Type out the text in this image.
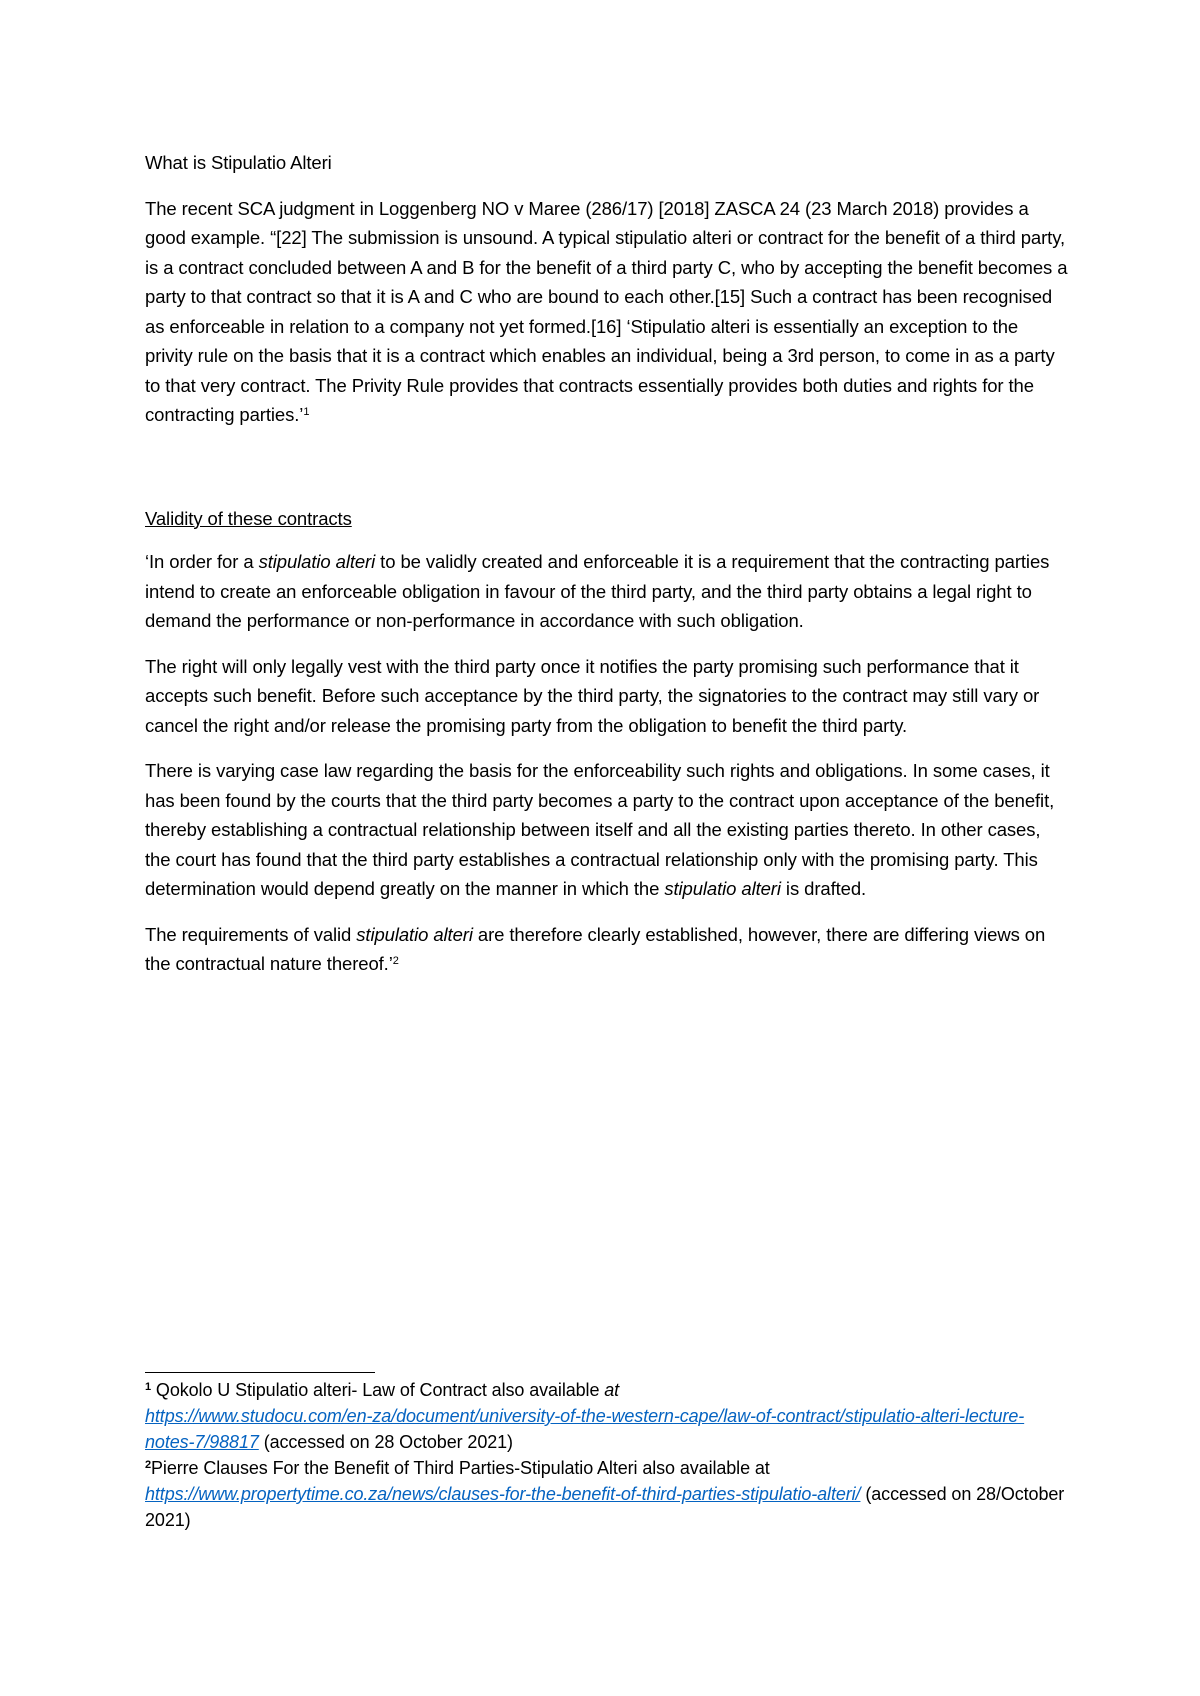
What is Stipulatio Alteri

The recent SCA judgment in Loggenberg NO v Maree (286/17) [2018] ZASCA 24 (23 March 2018) provides a good example. “[22] The submission is unsound. A typical stipulatio alteri or contract for the benefit of a third party, is a contract concluded between A and B for the benefit of a third party C, who by accepting the benefit becomes a party to that contract so that it is A and C who are bound to each other.[15] Such a contract has been recognised as enforceable in relation to a company not yet formed.[16] ‘Stipulatio alteri is essentially an exception to the privity rule on the basis that it is a contract which enables an individual, being a 3rd person, to come in as a party to that very contract. The Privity Rule provides that contracts essentially provides both duties and rights for the contracting parties.’$^1$

Validity of these contracts

‘In order for a stipulatio alteri to be validly created and enforceable it is a requirement that the contracting parties intend to create an enforceable obligation in favour of the third party, and the third party obtains a legal right to demand the performance or non-performance in accordance with such obligation.

The right will only legally vest with the third party once it notifies the party promising such performance that it accepts such benefit. Before such acceptance by the third party, the signatories to the contract may still vary or cancel the right and/or release the promising party from the obligation to benefit the third party.

There is varying case law regarding the basis for the enforceability such rights and obligations. In some cases, it has been found by the courts that the third party becomes a party to the contract upon acceptance of the benefit, thereby establishing a contractual relationship between itself and all the existing parties thereto. In other cases, the court has found that the third party establishes a contractual relationship only with the promising party. This determination would depend greatly on the manner in which the stipulatio alteri is drafted.

The requirements of valid stipulatio alteri are therefore clearly established, however, there are differing views on the contractual nature thereof.’$^2$

$^1$ Qokolo U Stipulatio alteri- Law of Contract also available at
https://www.studocu.com/en-za/document/university-of-the-western-cape/law-of-contract/stipulatio-alteri-lecture-notes-7/98817 (accessed on 28 October 2021)

$^2$Pierre Clauses For the Benefit of Third Parties-Stipulatio Alteri also available at
https://www.propertytime.co.za/news/clauses-for-the-benefit-of-third-parties-stipulatio-alteri/ (accessed on 28/October 2021)
